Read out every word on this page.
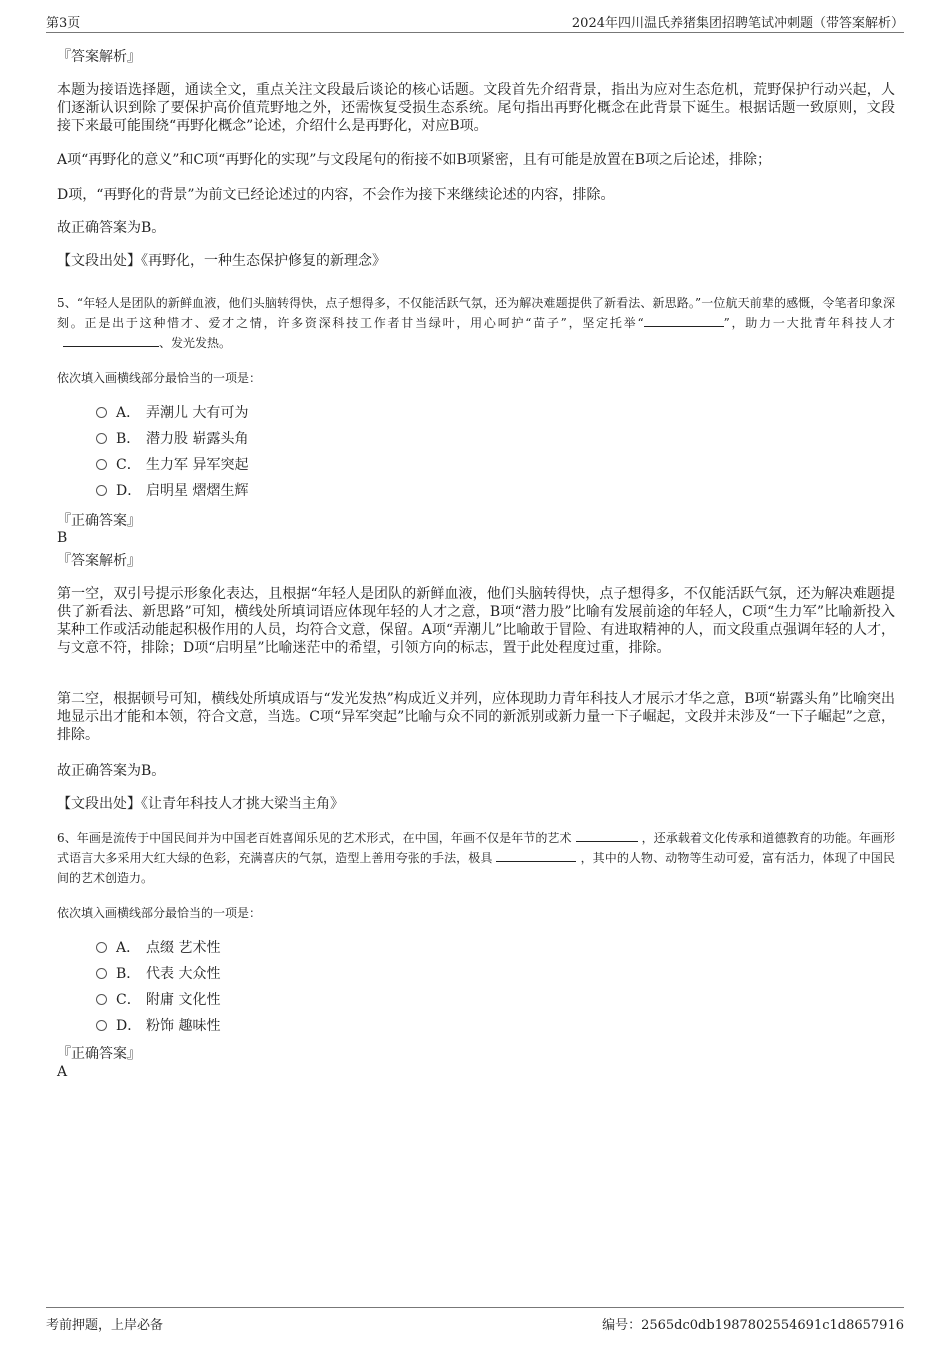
第3页	2024年四川温氏养猪集团招聘笔试冲刺题（带答案解析）
『答案解析』
本题为接语选择题，通读全文，重点关注文段最后谈论的核心话题。文段首先介绍背景，指出为应对生态危机，荒野保护行动兴起，人们逐渐认识到除了要保护高价值荒野地之外，还需恢复受损生态系统。尾句指出再野化概念在此背景下诞生。根据话题一致原则，文段接下来最可能围绕“再野化概念”论述，介绍什么是再野化，对应B项。
A项“再野化的意义”和C项“再野化的实现”与文段尾句的衔接不如B项紧密，且有可能是放置在B项之后论述，排除；
D项，“再野化的背景”为前文已经论述过的内容，不会作为接下来继续论述的内容，排除。
故正确答案为B。
【文段出处】《再野化，一种生态保护修复的新理念》
5、“年轻人是团队的新鲜血液，他们头脑转得快，点子想得多，不仅能活跃气氛，还为解决难题提供了新看法、新思路。”一位航天前辈的感慨，令笔者印象深刻。正是出于这种惜才、爱才之情，许多资深科技工作者甘当绿叶，用心呵护“苗子”，坚定托举“	”，助力一大批青年科技人才、发光发热。
依次填入画横线部分最恰当的一项是：
A． 弄潮儿 大有可为
B． 潜力股 崭露头角
C． 生力军 异军突起
D． 启明星 熠熠生辉
『正确答案』
B
『答案解析』
第一空，双引号提示形象化表达，且根据“年轻人是团队的新鲜血液，他们头脑转得快，点子想得多，不仅能活跃气氛，还为解决难题提供了新看法、新思路”可知，横线处所填词语应体现年轻的人才之意，B项“潜力股”比喻有发展前途的年轻人，C项“生力军”比喻新投入某种工作或活动能起积极作用的人员，均符合文意，保留。A项“弄潮儿”比喻敢于冒险、有进取精神的人，而文段重点强调年轻的人才，与文意不符，排除；D项“启明星”比喻迷茫中的希望，引领方向的标志，置于此处程度过重，排除。
第二空，根据顿号可知，横线处所填成语与“发光发热”构成近义并列，应体现助力青年科技人才展示才华之意，B项“崭露头角”比喻突出地显示出才能和本领，符合文意，当选。C项“异军突起”比喻与众不同的新派别或新力量一下子崛起，文段并未涉及“一下子崛起”之意，排除。
故正确答案为B。
【文段出处】《让青年科技人才挑大梁当主角》
6、年画是流传于中国民间并为中国老百姓喜闻乐见的艺术形式，在中国，年画不仅是年节的艺术	，还承载着文化传承和道德教育的功能。年画形式语言大多采用大红大绿的色彩，充满喜庆的气氛，造型上善用夸张的手法，极具	，其中的人物、动物等生动可爱，富有活力，体现了中国民间的艺术创造力。
依次填入画横线部分最恰当的一项是：
A． 点缀 艺术性
B． 代表 大众性
C． 附庸 文化性
D． 粉饰 趣味性
『正确答案』
A
考前押题，上岸必备	编号：2565dc0db1987802554691c1d8657916
